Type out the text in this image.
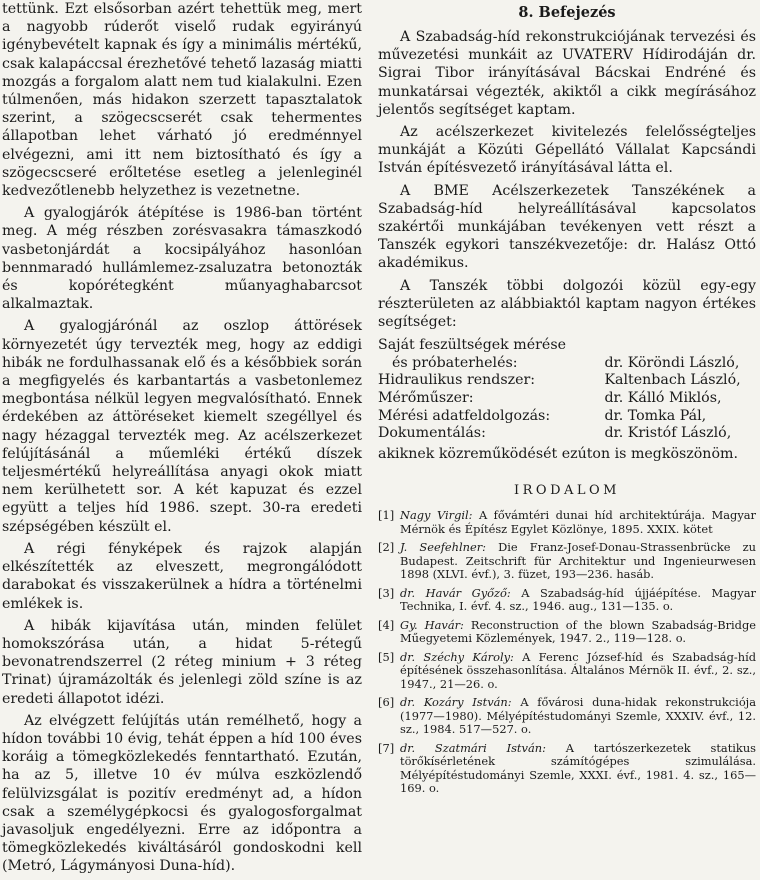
tettünk. Ezt elsősorban azért tehettük meg, mert a nagyobb rúderőt viselő rudak egyirányú igénybevételt kapnak és így a minimális mértékű, csak kalapáccsal érezhetővé tehető lazaság miatti mozgás a forgalom alatt nem tud kialakulni. Ezen túlmenően, más hidakon szerzett tapasztalatok szerint, a szögecscserét csak tehermentes állapotban lehet várható jó eredménnyel elvégezni, ami itt nem biztosítható és így a szögecscseré erőltetése esetleg a jelenleginél kedvezőtlenebb helyzethez is vezetnetne.

A gyalogjárók átépítése is 1986-ban történt meg. A még részben zorésvasakra támaszkodó vasbetonjárdát a kocsipályához hasonlóan bennmaradó hullámlemez-zsaluzatra betonozták és kopórétegként műanyaghabarcsot alkalmaztak.

A gyalogjárónál az oszlop áttörések környezetét úgy tervezték meg, hogy az eddigi hibák ne fordulhassanak elő és a későbbiek során a megfigyelés és karbantartás a vasbetonlemez megbontása nélkül legyen megvalósítható. Ennek érdekében az áttöréseket kiemelt szegéllyel és nagy hézaggal tervezték meg. Az acélszerkezet felújításánál a műemléki értékű díszek teljesmértékű helyreállítása anyagi okok miatt nem kerülhetett sor. A két kapuzat és ezzel együtt a teljes híd 1986. szept. 30-ra eredeti szépségében készült el.

A régi fényképek és rajzok alapján elkészítették az elveszett, megrongálódott darabokat és visszakerülnek a hídra a történelmi emlékek is.

A hibák kijavítása után, minden felület homokszórása után, a hidat 5-rétegű bevonatrendszerrel (2 réteg minium + 3 réteg Trinat) újramázolták és jelenlegi zöld színe is az eredeti állapotot idézi.

Az elvégzett felújítás után remélhető, hogy a hídon további 10 évig, tehát éppen a híd 100 éves koráig a tömegközlekedés fenntartható. Ezután, ha az 5, illetve 10 év múlva eszközlendő felülvizsgálat is pozitív eredményt ad, a hídon csak a személygépkocsi és gyalogosforgalmat javasoljuk engedélyezni. Erre az időpontra a tömegközlekedés kiváltásáról gondoskodni kell (Metró, Lágymányosi Duna-híd).

8. Befejezés

A Szabadság-híd rekonstrukciójának tervezési és művezetési munkáit az UVATERV Hídirodáján dr. Sigrai Tibor irányításával Bácskai Endréné és munkatársai végezték, akiktől a cikk megírásához jelentős segítséget kaptam.

Az acélszerkezet kivitelezés felelősségteljes munkáját a Közúti Gépellátó Vállalat Kapcsándi István építésvezető irányításával látta el.

A BME Acélszerkezetek Tanszékének a Szabadság-híd helyreállításával kapcsolatos szakértői munkájában tevékenyen vett részt a Tanszék egykori tanszékvezetője: dr. Halász Ottó akadémikus.

A Tanszék többi dolgozói közül egy-egy részterületen az alábbiaktól kaptam nagyon értékes segítséget:

Saját feszültségek mérése	
és próbaterhelés:	dr. Köröndi László,
Hidraulikus rendszer:	Kaltenbach László,
Mérőműszer:	dr. Kálló Miklós,
Mérési adatfeldolgozás:	dr. Tomka Pál,
Dokumentálás:	dr. Kristóf László,

akiknek közreműködését ezúton is megköszönöm.

IRODALOM
[1] Nagy Virgil: A fővámtéri dunai híd architektúrája. Magyar Mérnök és Építész Egylet Közlönye, 1895. XXIX. kötet
[2] J. Seefehlner: Die Franz-Josef-Donau-Strassenbrücke zu Budapest. Zeitschrift für Architektur und Ingenieurwesen 1898 (XLVI. évf.), 3. füzet, 193—236. hasáb.
[3] dr. Havár Győző: A Szabadság-híd újjáépítése. Magyar Technika, I. évf. 4. sz., 1946. aug., 131—135. o.
[4] Gy. Havár: Reconstruction of the blown Szabadság-Bridge Műegyetemi Közlemények, 1947. 2., 119—128. o.
[5] dr. Széchy Károly: A Ferenc József-híd és Szabadság-híd építésének összehasonlítása. Általános Mérnök II. évf., 2. sz., 1947., 21—26. o.
[6] dr. Kozáry István: A fővárosi duna-hidak rekonstrukciója (1977—1980). Mélyépítéstudományi Szemle, XXXIV. évf., 12. sz., 1984. 517—527. o.
[7] dr. Szatmári István: A tartószerkezetek statikus törőkísérletének számítógépes szimulálása. Mélyépítéstudományi Szemle, XXXI. évf., 1981. 4. sz., 165—169. o.
